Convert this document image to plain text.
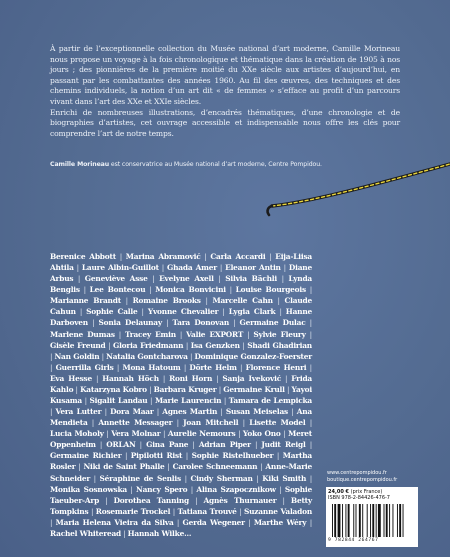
À partir de l’exceptionnelle collection du Musée national d’art moderne, Camille Morineau nous propose un voyage à la fois chronologique et thématique dans la création de 1905 à nos jours ; des pionnières de la première moitié du XXe siècle aux artistes d’aujourd’hui, en passant par les combattantes des années 1960. Au fil des œuvres, des techniques et des chemins individuels, la notion d’un art dit « de femmes » s’efface au profit d’un parcours vivant dans l’art des XXe et XXIe siècles.

Enrichi de nombreuses illustrations, d’encadrés thématiques, d’une chronologie et de biographies d’artistes, cet ouvrage accessible et indispensable nous offre les clés pour comprendre l’art de notre temps.

Camille Morineau est conservatrice au Musée national d’art moderne, Centre Pompidou.
Berenice Abbott | Marina Abramović | Carla Accardi | Eija-Liisa Ahtila | Laure Albin-Guillot | Ghada Amer | Eleanor Antin | Diane Arbus | Geneviève Asse | Evelyne Axell | Silvia Bächli | Lynda Benglis | Lee Bontecou | Monica Bonvicini | Louise Bourgeois | Marianne Brandt | Romaine Brooks | Marcelle Cahn | Claude Cahun | Sophie Calle | Yvonne Chevalier | Lygia Clark | Hanne Darboven | Sonia Delaunay | Tara Donovan | Germaine Dulac | Marlene Dumas | Tracey Emin | Valie EXPORT | Sylvie Fleury | Gisèle Freund | Gloria Friedmann | Isa Genzken | Shadi Ghadirian | Nan Goldin | Natalia Gontcharova | Dominique Gonzalez-Foerster | Guerrilla Girls | Mona Hatoum | Dörte Helm | Florence Henri | Eva Hesse | Hannah Höch | Roni Horn | Sanja Iveković | Frida Kahlo | Katarzyna Kobro | Barbara Kruger | Germaine Krull | Yayoi Kusama | Sigalit Landau | Marie Laurencin | Tamara de Lempicka | Vera Lutter | Dora Maar | Agnes Martin | Susan Meiselas | Ana Mendieta | Annette Messager | Joan Mitchell | Lisette Model | Lucia Moholy | Vera Molnar | Aurelie Nemours | Yoko Ono | Meret Oppenheim | ORLAN | Gina Pane | Adrian Piper | Judit Reigl | Germaine Richier | Pipilotti Rist | Sophie Ristelhueber | Martha Rosler | Niki de Saint Phalle | Carolee Schneemann | Anne-Marie Schneider | Séraphine de Senlis | Cindy Sherman | Kiki Smith | Monika Sosnowska | Nancy Spero | Alina Szapocznikow | Sophie Taeuber-Arp | Dorothea Tanning | Agnès Thurnauer | Betty Tompkins | Rosemarie Trockel | Tatiana Trouvé | Suzanne Valadon | Maria Helena Vieira da Silva | Gerda Wegener | Marthe Wéry | Rachel Whiteread | Hannah Wilke...
www.centrepompidou.fr
boutique.centrepompidou.fr
24,00 € (prix France)
ISBN 978-2-84426-476-7
9 782844 264767
